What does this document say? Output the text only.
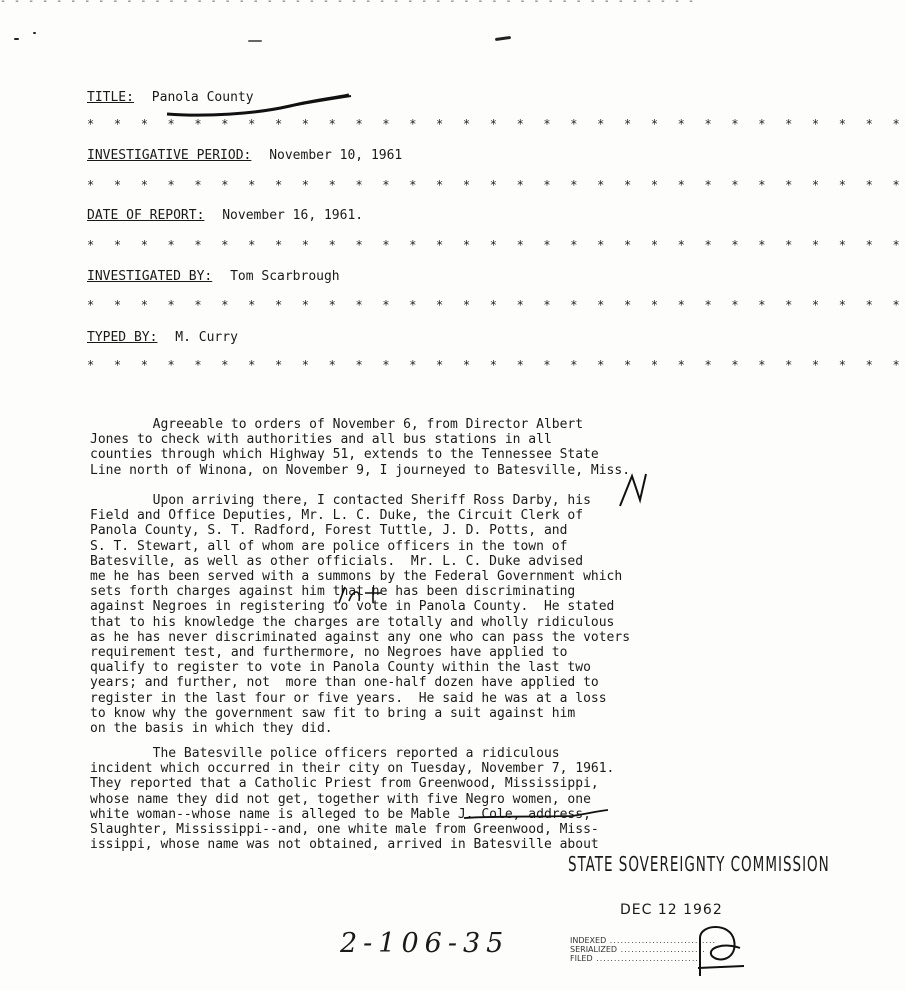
- - - - - - - - - - - - - - - - - - - - - - - - - - - - - - - - - - - - - - - - - - - - - - - - - -
TITLE: Panola County
* * * * * * * * * * * * * * * * * * * * * * * * * * * * * * *
INVESTIGATIVE PERIOD: November 10, 1961
* * * * * * * * * * * * * * * * * * * * * * * * * * * * * * *
DATE OF REPORT: November 16, 1961.
* * * * * * * * * * * * * * * * * * * * * * * * * * * * * * *
INVESTIGATED BY: Tom Scarbrough
* * * * * * * * * * * * * * * * * * * * * * * * * * * * * * *
TYPED BY: M. Curry
* * * * * * * * * * * * * * * * * * * * * * * * * * * * * * *
Agreeable to orders of November 6, from Director Albert
Jones to check with authorities and all bus stations in all
counties through which Highway 51, extends to the Tennessee State
Line north of Winona, on November 9, I journeyed to Batesville, Miss.
Upon arriving there, I contacted Sheriff Ross Darby, his
Field and Office Deputies, Mr. L. C. Duke, the Circuit Clerk of
Panola County, S. T. Radford, Forest Tuttle, J. D. Potts, and
S. T. Stewart, all of whom are police officers in the town of
Batesville, as well as other officials.  Mr. L. C. Duke advised
me he has been served with a summons by the Federal Government which
sets forth charges against him that he has been discriminating
against Negroes in registering to vote in Panola County.  He stated
that to his knowledge the charges are totally and wholly ridiculous
as he has never discriminated against any one who can pass the voters
requirement test, and furthermore, no Negroes have applied to
qualify to register to vote in Panola County within the last two
years; and further, not  more than one-half dozen have applied to
register in the last four or five years.  He said he was at a loss
to know why the government saw fit to bring a suit against him
on the basis in which they did.
The Batesville police officers reported a ridiculous
incident which occurred in their city on Tuesday, November 7, 1961.
They reported that a Catholic Priest from Greenwood, Mississippi,
whose name they did not get, together with five Negro women, one
white woman--whose name is alleged to be Mable J. Cole, address,
Slaughter, Mississippi--and, one white male from Greenwood, Miss-
issippi, whose name was not obtained, arrived in Batesville about
STATE SOVEREIGNTY COMMISSION
DEC 12 1962
INDEXED ..............................
SERIALIZED ........................
FILED ..............................
2-106-35
